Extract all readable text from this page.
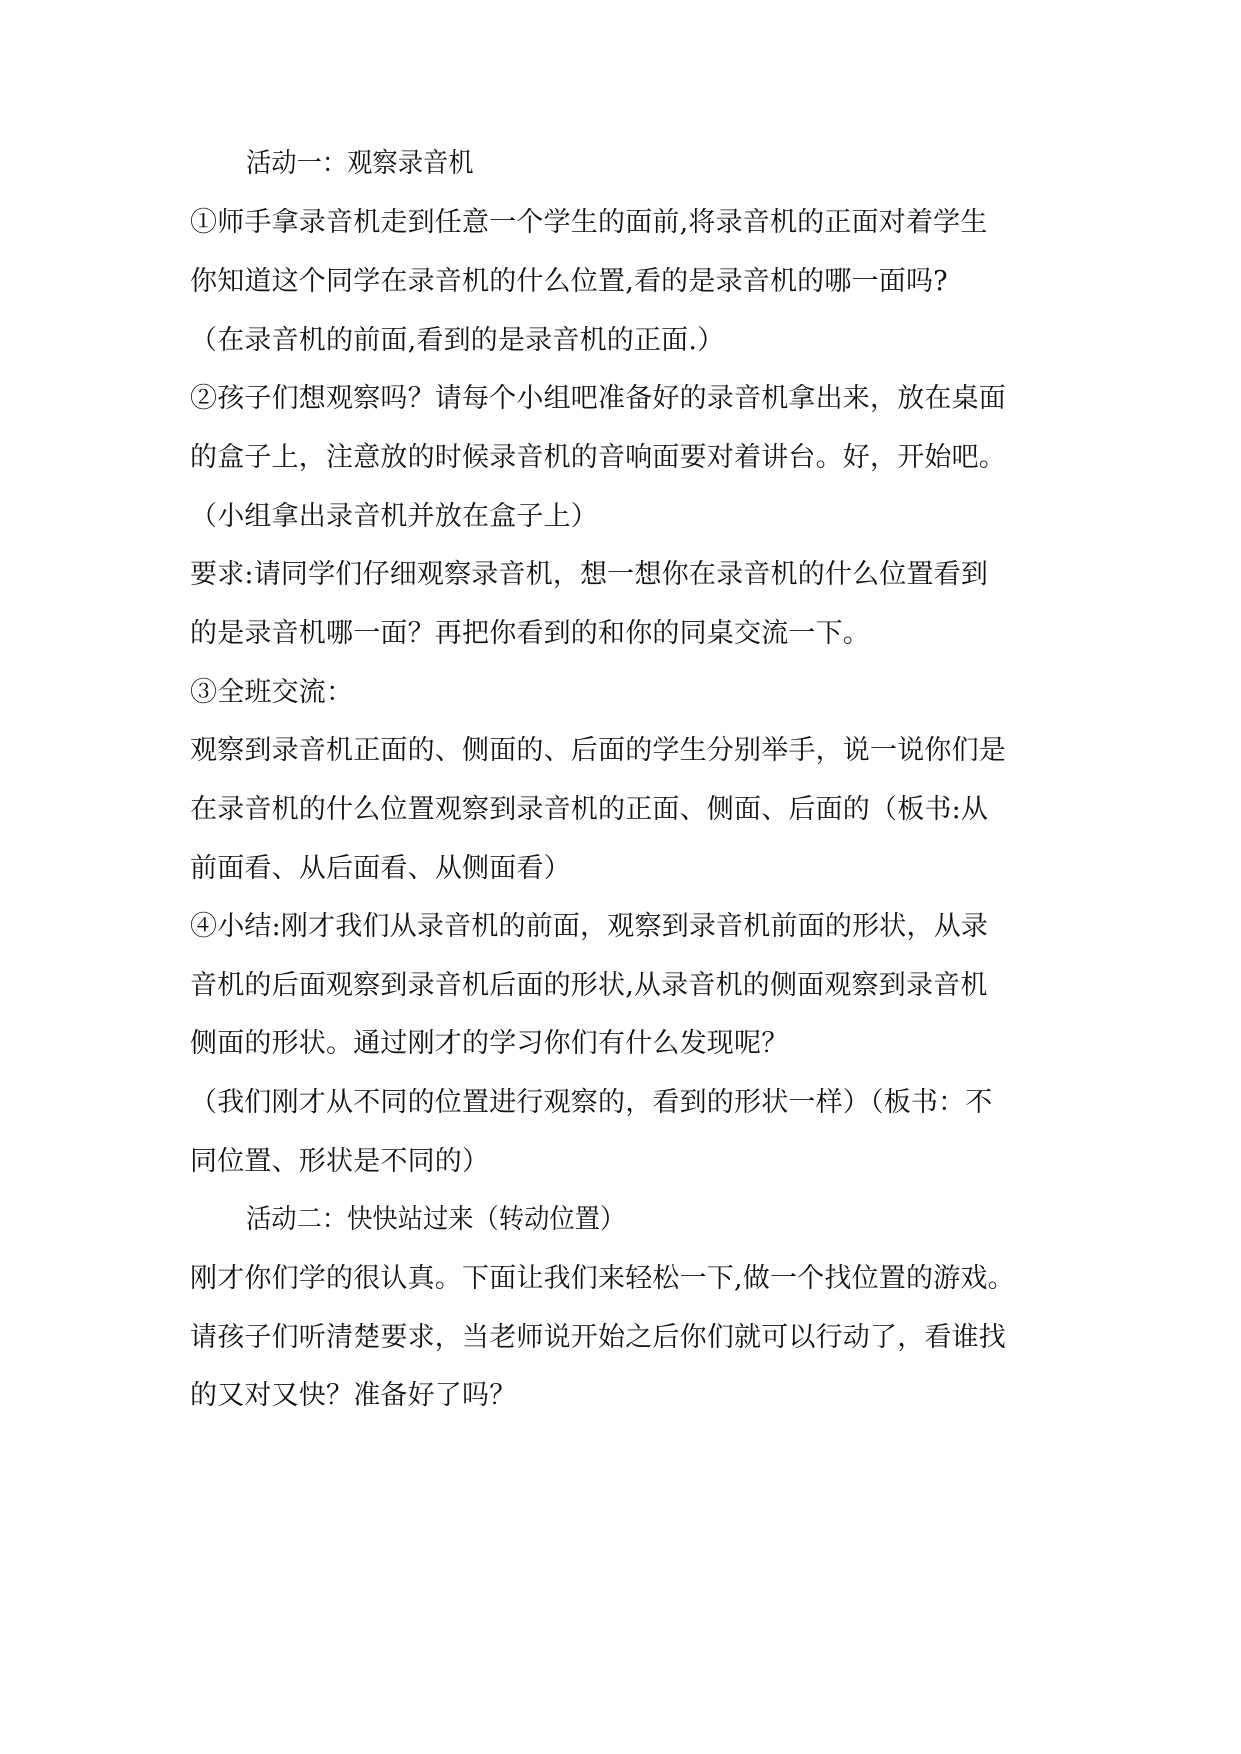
活动一：观察录音机
①师手拿录音机走到任意一个学生的面前,将录音机的正面对着学生
你知道这个同学在录音机的什么位置,看的是录音机的哪一面吗?
（在录音机的前面,看到的是录音机的正面.）
②孩子们想观察吗？请每个小组吧准备好的录音机拿出来，放在桌面
的盒子上，注意放的时候录音机的音响面要对着讲台。好，开始吧。
（小组拿出录音机并放在盒子上）
要求:请同学们仔细观察录音机，想一想你在录音机的什么位置看到
的是录音机哪一面？再把你看到的和你的同桌交流一下。
③全班交流：
观察到录音机正面的、侧面的、后面的学生分别举手，说一说你们是
在录音机的什么位置观察到录音机的正面、侧面、后面的（板书:从
前面看、从后面看、从侧面看）
④小结:刚才我们从录音机的前面，观察到录音机前面的形状，从录
音机的后面观察到录音机后面的形状,从录音机的侧面观察到录音机
侧面的形状。通过刚才的学习你们有什么发现呢？
（我们刚才从不同的位置进行观察的，看到的形状一样）（板书：不
同位置、形状是不同的）
活动二：快快站过来（转动位置）
刚才你们学的很认真。下面让我们来轻松一下,做一个找位置的游戏。
请孩子们听清楚要求，当老师说开始之后你们就可以行动了，看谁找
的又对又快？准备好了吗？
